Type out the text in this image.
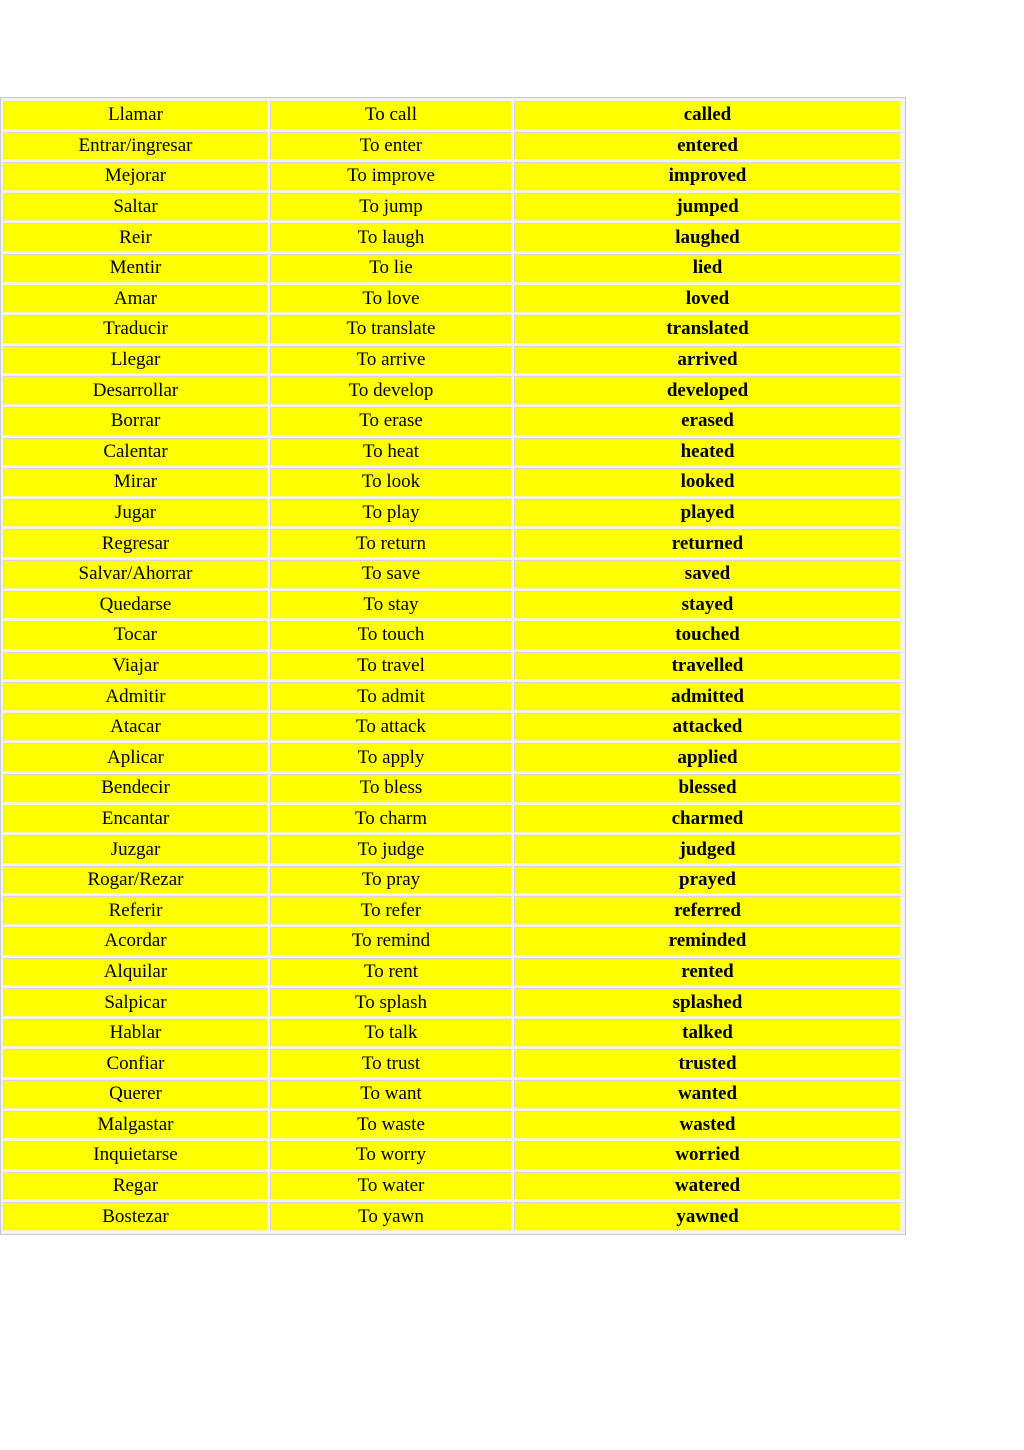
Llamar	To call	called
Entrar/ingresar	To enter	entered
Mejorar	To improve	improved
Saltar	To jump	jumped
Reir	To laugh	laughed
Mentir	To lie	lied
Amar	To love	loved
Traducir	To translate	translated
Llegar	To arrive	arrived
Desarrollar	To develop	developed
Borrar	To erase	erased
Calentar	To heat	heated
Mirar	To look	looked
Jugar	To play	played
Regresar	To return	returned
Salvar/Ahorrar	To save	saved
Quedarse	To stay	stayed
Tocar	To touch	touched
Viajar	To travel	travelled
Admitir	To admit	admitted
Atacar	To attack	attacked
Aplicar	To apply	applied
Bendecir	To bless	blessed
Encantar	To charm	charmed
Juzgar	To judge	judged
Rogar/Rezar	To pray	prayed
Referir	To refer	referred
Acordar	To remind	reminded
Alquilar	To rent	rented
Salpicar	To splash	splashed
Hablar	To talk	talked
Confiar	To trust	trusted
Querer	To want	wanted
Malgastar	To waste	wasted
Inquietarse	To worry	worried
Regar	To water	watered
Bostezar	To yawn	yawned
